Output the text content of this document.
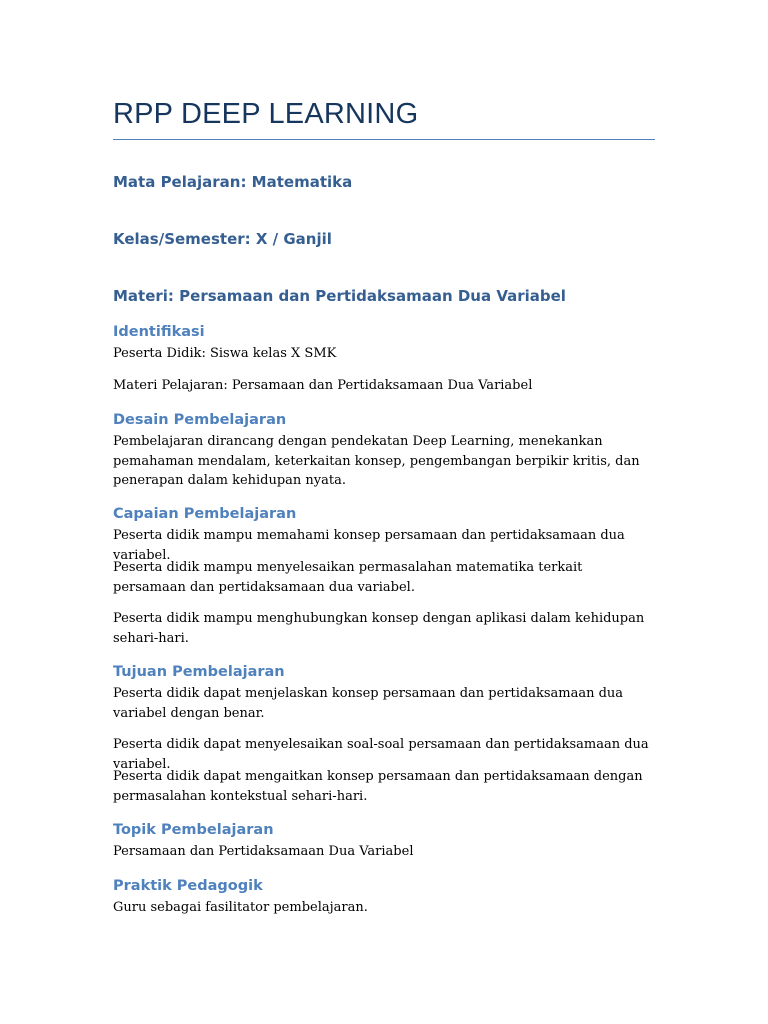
RPP DEEP LEARNING
Mata Pelajaran: Matematika
Kelas/Semester: X / Ganjil
Materi: Persamaan dan Pertidaksamaan Dua Variabel
Identifikasi

Peserta Didik: Siswa kelas X SMK

Materi Pelajaran: Persamaan dan Pertidaksamaan Dua Variabel

Desain Pembelajaran

Pembelajaran dirancang dengan pendekatan Deep Learning, menekankan pemahaman mendalam, keterkaitan konsep, pengembangan berpikir kritis, dan penerapan dalam kehidupan nyata.

Capaian Pembelajaran

Peserta didik mampu memahami konsep persamaan dan pertidaksamaan dua variabel.

Peserta didik mampu menyelesaikan permasalahan matematika terkait persamaan dan pertidaksamaan dua variabel.

Peserta didik mampu menghubungkan konsep dengan aplikasi dalam kehidupan sehari-hari.

Tujuan Pembelajaran

Peserta didik dapat menjelaskan konsep persamaan dan pertidaksamaan dua variabel dengan benar.

Peserta didik dapat menyelesaikan soal-soal persamaan dan pertidaksamaan dua variabel.

Peserta didik dapat mengaitkan konsep persamaan dan pertidaksamaan dengan permasalahan kontekstual sehari-hari.

Topik Pembelajaran

Persamaan dan Pertidaksamaan Dua Variabel

Praktik Pedagogik

Guru sebagai fasilitator pembelajaran.
